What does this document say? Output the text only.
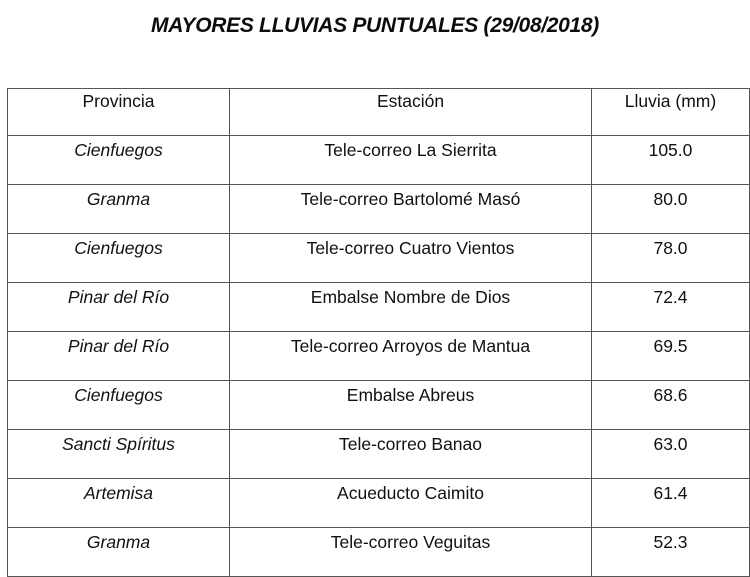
MAYORES LLUVIAS PUNTUALES (29/08/2018)
Provincia	Estación	Lluvia (mm)
Cienfuegos	Tele-correo La Sierrita	105.0
Granma	Tele-correo Bartolomé Masó	80.0
Cienfuegos	Tele-correo Cuatro Vientos	78.0
Pinar del Río	Embalse Nombre de Dios	72.4
Pinar del Río	Tele-correo Arroyos de Mantua	69.5
Cienfuegos	Embalse Abreus	68.6
Sancti Spíritus	Tele-correo Banao	63.0
Artemisa	Acueducto Caimito	61.4
Granma	Tele-correo Veguitas	52.3
